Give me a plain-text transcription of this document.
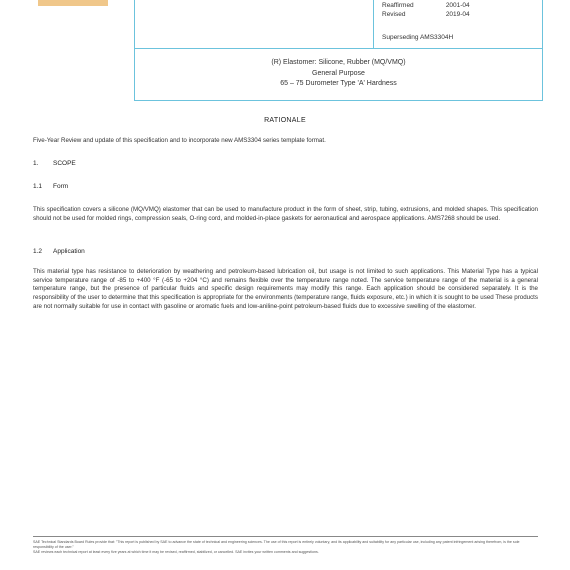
Reaffirmed	2001-04
Revised	2019-04
Superseding AMS3304H
(R) Elastomer: Silicone, Rubber (MQ/VMQ)
General Purpose
65 – 75 Durometer Type 'A' Hardness
RATIONALE
Five-Year Review and update of this specification and to incorporate new AMS3304 series template format.
1. SCOPE
1.1 Form
This specification covers a silicone (MQ/VMQ) elastomer that can be used to manufacture product in the form of sheet, strip, tubing, extrusions, and molded shapes. This specification should not be used for molded rings, compression seals, O-ring cord, and molded-in-place gaskets for aeronautical and aerospace applications. AMS7268 should be used.
1.2 Application
This material type has resistance to deterioration by weathering and petroleum-based lubrication oil, but usage is not limited to such applications. This Material Type has a typical service temperature range of -85 to +400 °F (-65 to +204 °C) and remains flexible over the temperature range noted. The service temperature range of the material is a general temperature range, but the presence of particular fluids and specific design requirements may modify this range. Each application should be considered separately. It is the responsibility of the user to determine that this specification is appropriate for the environments (temperature range, fluids exposure, etc.) in which it is sought to be used These products are not normally suitable for use in contact with gasoline or aromatic fuels and low-aniline-point petroleum-based fluids due to excessive swelling of the elastomer.
SAE Technical Standards Board Rules provide that: "This report is published by SAE to advance the state of technical and engineering sciences. The use of this report is entirely voluntary, and its applicability and suitability for any particular use, including any patent infringement arising therefrom, is the sole responsibility of the user."
SAE reviews each technical report at least every five years at which time it may be revised, reaffirmed, stabilized, or cancelled. SAE invites your written comments and suggestions.
